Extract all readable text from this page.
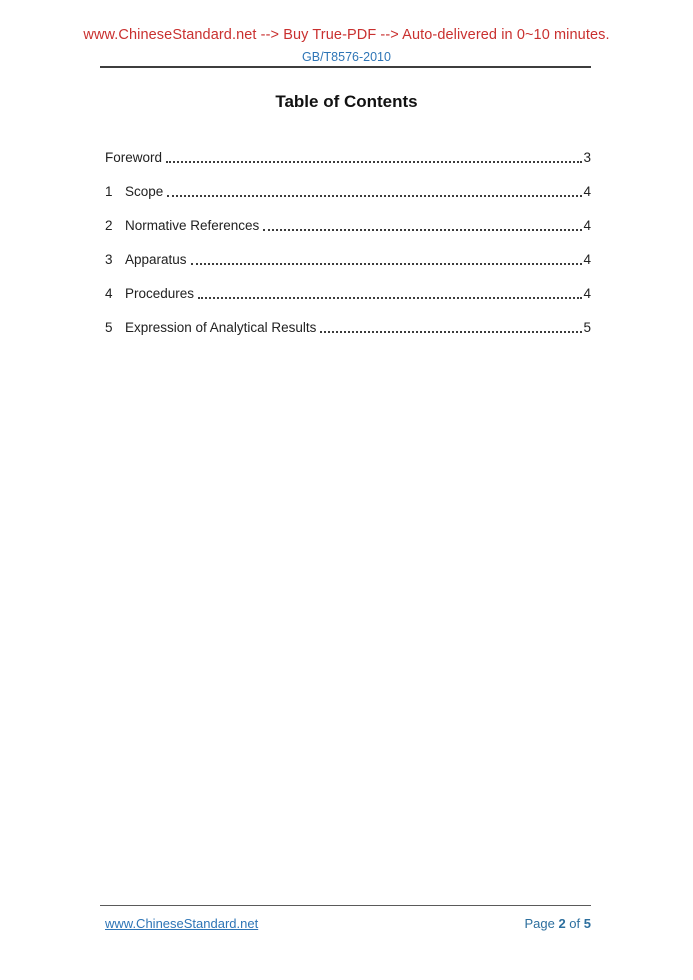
www.ChineseStandard.net --> Buy True-PDF --> Auto-delivered in 0~10 minutes.
GB/T8576-2010
Table of Contents
Foreword	3
1 Scope	4
2 Normative References	4
3 Apparatus	4
4 Procedures	4
5 Expression of Analytical Results	5
www.ChineseStandard.net	Page 2 of 5
